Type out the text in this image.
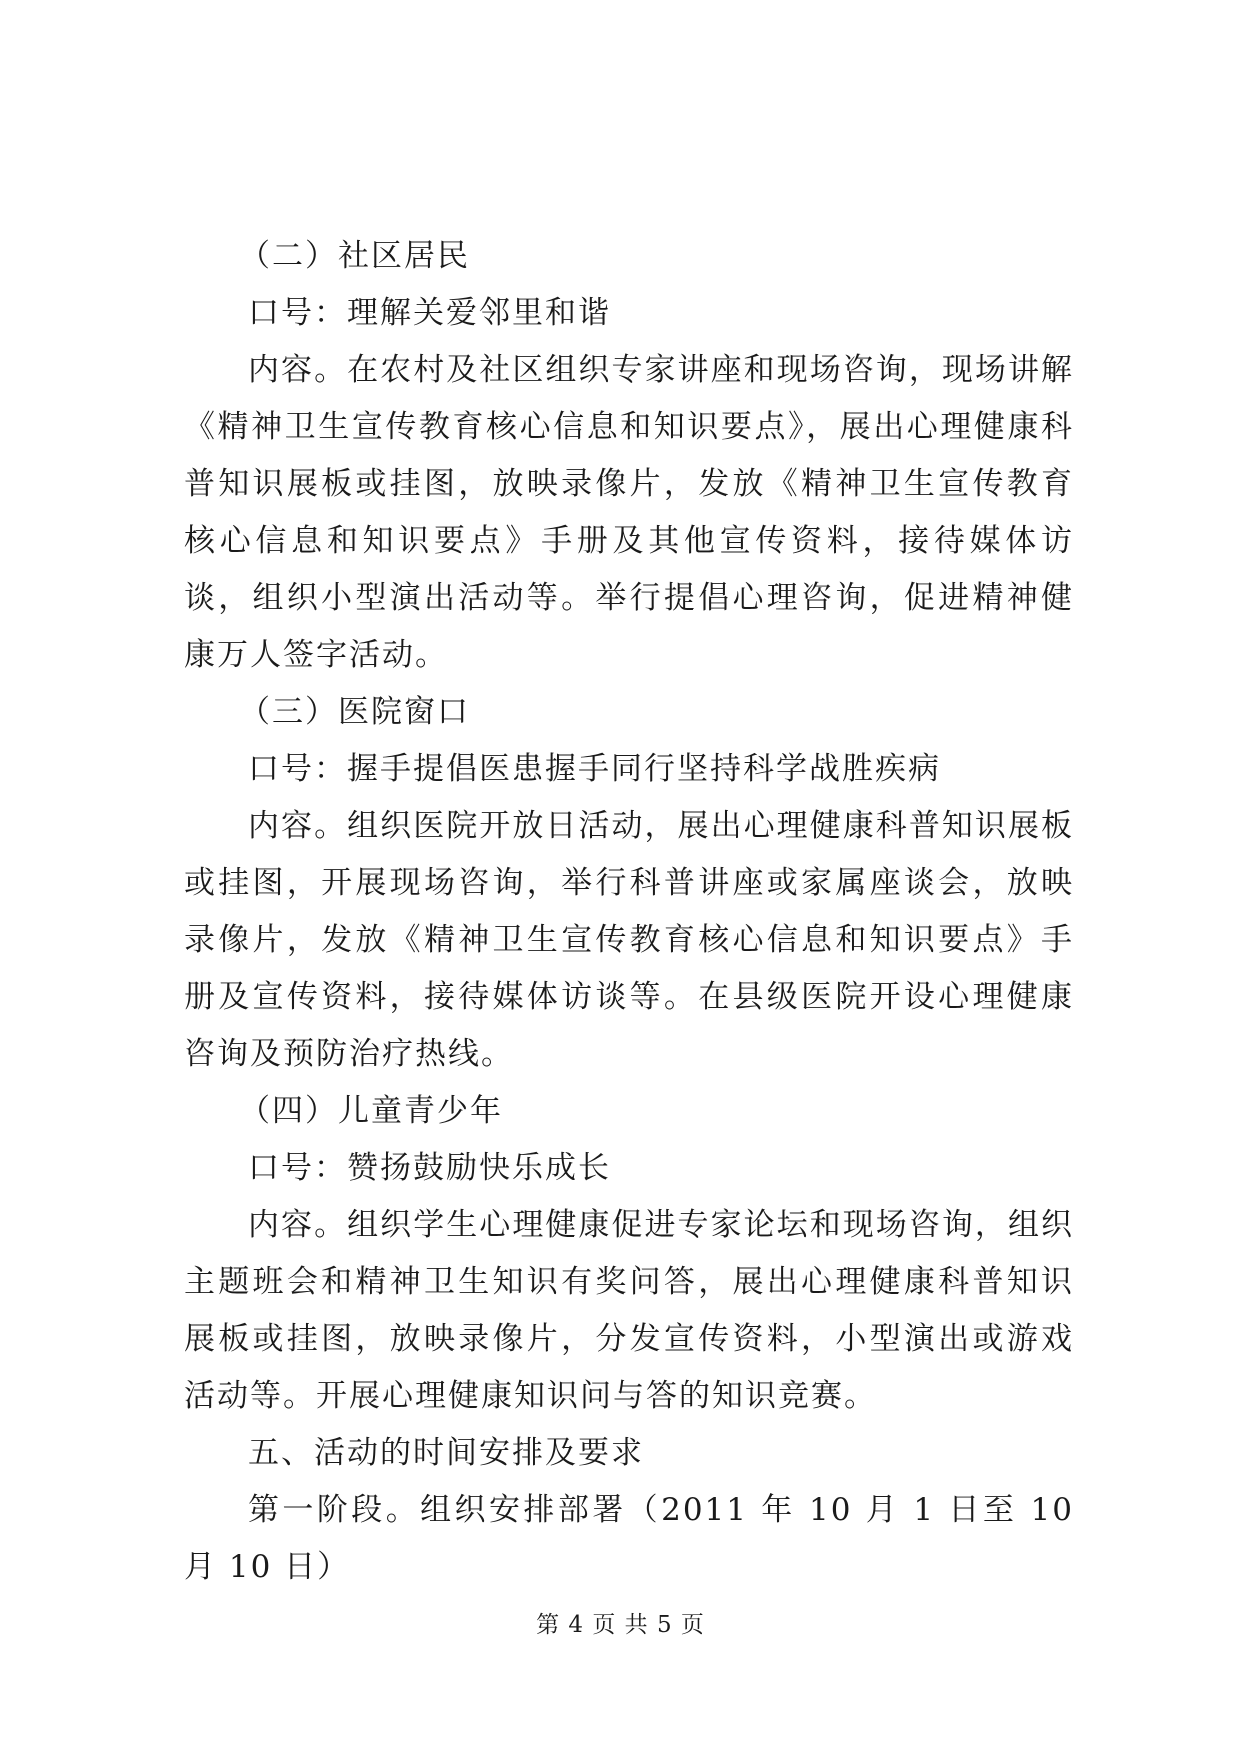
（二）社区居民

口号：理解关爱邻里和谐

内容。在农村及社区组织专家讲座和现场咨询，现场讲解《精神卫生宣传教育核心信息和知识要点》，展出心理健康科普知识展板或挂图，放映录像片，发放《精神卫生宣传教育核心信息和知识要点》手册及其他宣传资料，接待媒体访谈，组织小型演出活动等。举行提倡心理咨询，促进精神健康万人签字活动。

（三）医院窗口

口号：握手提倡医患握手同行坚持科学战胜疾病

内容。组织医院开放日活动，展出心理健康科普知识展板或挂图，开展现场咨询，举行科普讲座或家属座谈会，放映录像片，发放《精神卫生宣传教育核心信息和知识要点》手册及宣传资料，接待媒体访谈等。在县级医院开设心理健康咨询及预防治疗热线。

（四）儿童青少年

口号：赞扬鼓励快乐成长

内容。组织学生心理健康促进专家论坛和现场咨询，组织主题班会和精神卫生知识有奖问答，展出心理健康科普知识展板或挂图，放映录像片，分发宣传资料，小型演出或游戏活动等。开展心理健康知识问与答的知识竞赛。

五、活动的时间安排及要求

第一阶段。组织安排部署（2011 年 10 月 1 日至 10 月 10 日）

第 4 页 共 5 页
